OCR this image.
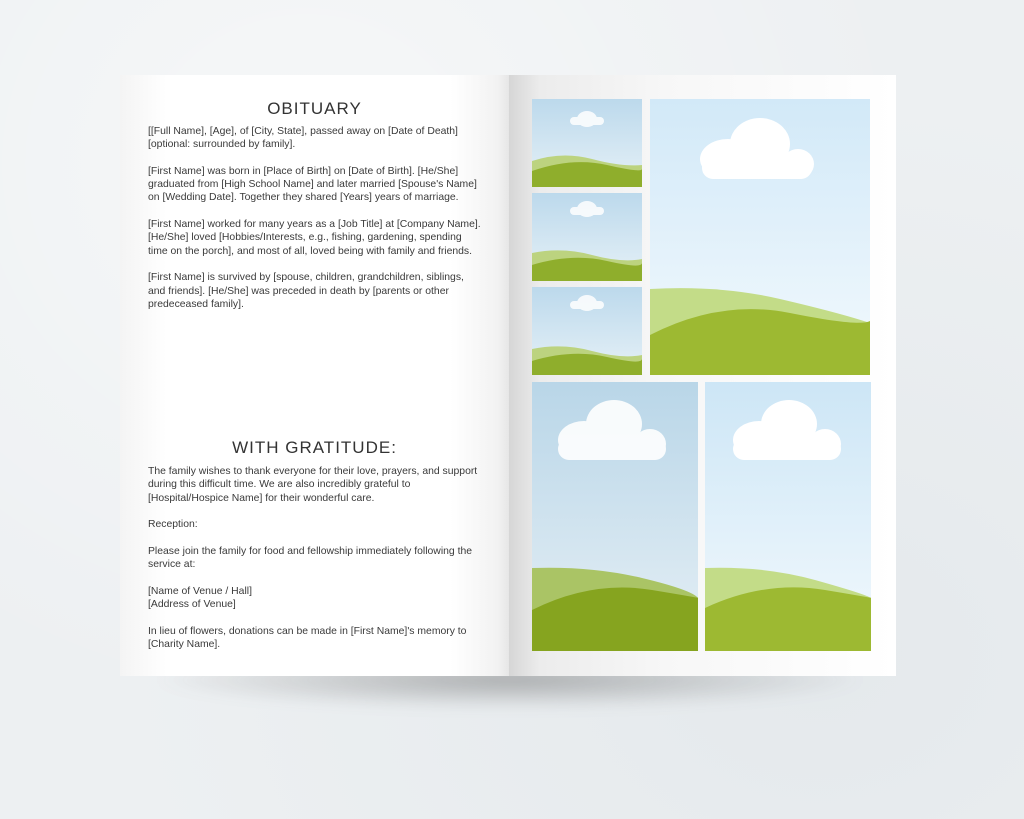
OBITUARY

[[Full Name], [Age], of [City, State], passed away on [Date of Death] [optional: surrounded by family].

[First Name] was born in [Place of Birth] on [Date of Birth]. [He/She] graduated from [High School Name] and later married [Spouse's Name] on [Wedding Date]. Together they shared [Years] years of marriage.

[First Name] worked for many years as a [Job Title] at [Company Name]. [He/She] loved [Hobbies/Interests, e.g., fishing, gardening, spending time on the porch], and most of all, loved being with family and friends.

[First Name] is survived by [spouse, children, grandchildren, siblings, and friends]. [He/She] was preceded in death by [parents or other predeceased family].

WITH GRATITUDE:

The family wishes to thank everyone for their love, prayers, and support during this difficult time. We are also incredibly grateful to [Hospital/Hospice Name] for their wonderful care.

Reception:

Please join the family for food and fellowship immediately following the service at:

[Name of Venue / Hall]
[Address of Venue]

In lieu of flowers, donations can be made in [First Name]'s memory to [Charity Name].
